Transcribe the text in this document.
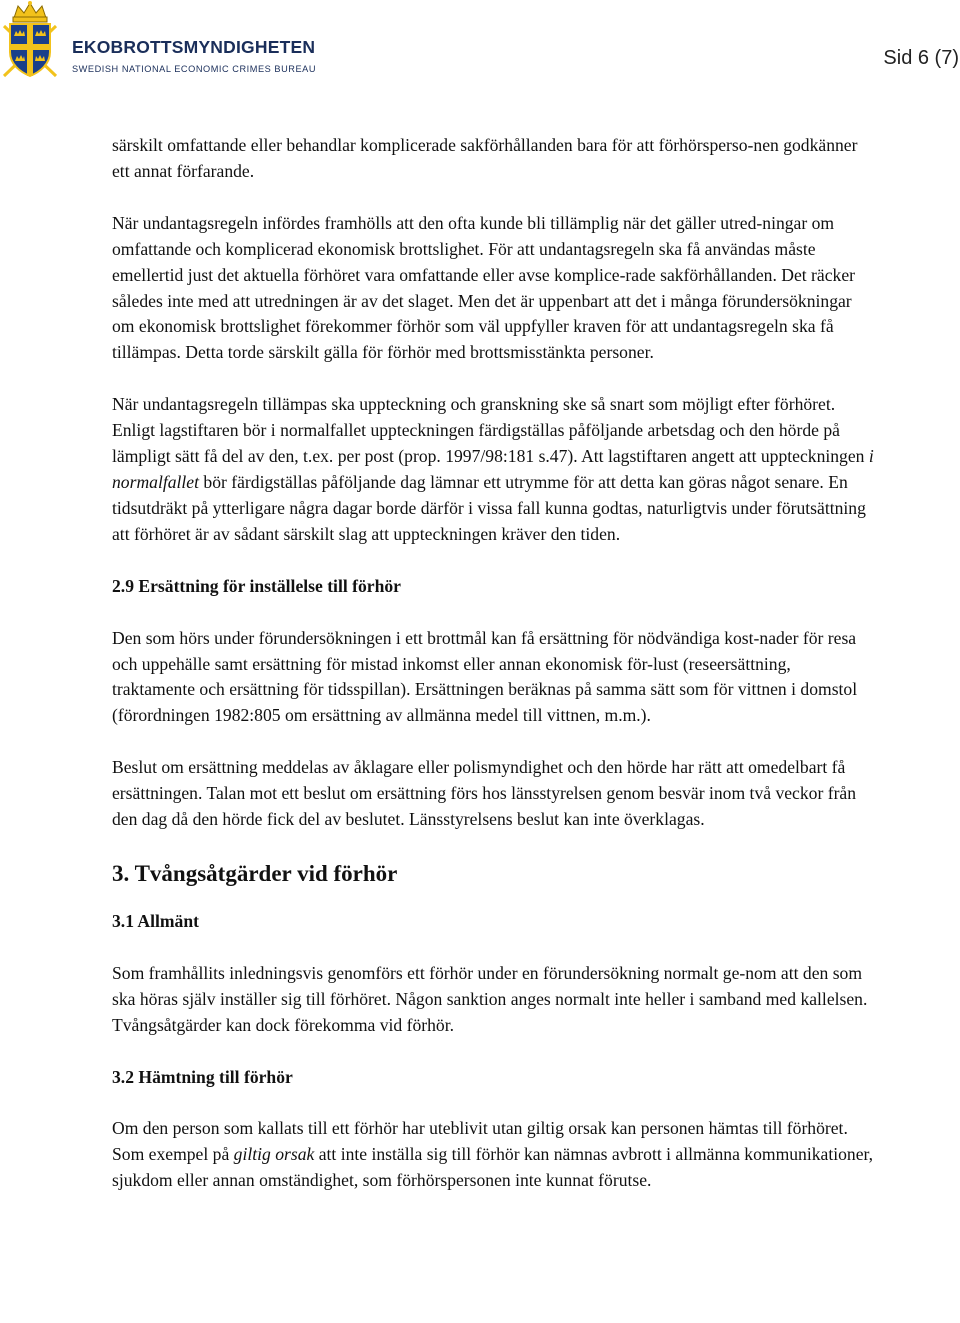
EKOBROTTSMYNDIGHETEN
SWEDISH NATIONAL ECONOMIC CRIMES BUREAU	Sid 6 (7)

särskilt omfattande eller behandlar komplicerade sakförhållanden bara för att förhörsperso-nen godkänner ett annat förfarande.

När undantagsregeln infördes framhölls att den ofta kunde bli tillämplig när det gäller utred-ningar om omfattande och komplicerad ekonomisk brottslighet. För att undantagsregeln ska få användas måste emellertid just det aktuella förhöret vara omfattande eller avse komplice-rade sakförhållanden. Det räcker således inte med att utredningen är av det slaget. Men det är uppenbart att det i många förundersökningar om ekonomisk brottslighet förekommer förhör som väl uppfyller kraven för att undantagsregeln ska få tillämpas. Detta torde särskilt gälla för förhör med brottsmisstänkta personer.

När undantagsregeln tillämpas ska uppteckning och granskning ske så snart som möjligt efter förhöret. Enligt lagstiftaren bör i normalfallet uppteckningen färdigställas påföljande arbetsdag och den hörde på lämpligt sätt få del av den, t.ex. per post (prop. 1997/98:181 s.47). Att lagstiftaren angett att uppteckningen i normalfallet bör färdigställas påföljande dag lämnar ett utrymme för att detta kan göras något senare. En tidsutdräkt på ytterligare några dagar borde därför i vissa fall kunna godtas, naturligtvis under förutsättning att förhöret är av sådant särskilt slag att uppteckningen kräver den tiden.

2.9 Ersättning för inställelse till förhör

Den som hörs under förundersökningen i ett brottmål kan få ersättning för nödvändiga kost-nader för resa och uppehälle samt ersättning för mistad inkomst eller annan ekonomisk för-lust (reseersättning, traktamente och ersättning för tidsspillan). Ersättningen beräknas på samma sätt som för vittnen i domstol (förordningen 1982:805 om ersättning av allmänna medel till vittnen, m.m.).

Beslut om ersättning meddelas av åklagare eller polismyndighet och den hörde har rätt att omedelbart få ersättningen. Talan mot ett beslut om ersättning förs hos länsstyrelsen genom besvär inom två veckor från den dag då den hörde fick del av beslutet. Länsstyrelsens beslut kan inte överklagas.

3. Tvångsåtgärder vid förhör
3.1 Allmänt

Som framhållits inledningsvis genomförs ett förhör under en förundersökning normalt ge-nom att den som ska höras själv inställer sig till förhöret. Någon sanktion anges normalt inte heller i samband med kallelsen. Tvångsåtgärder kan dock förekomma vid förhör.

3.2 Hämtning till förhör

Om den person som kallats till ett förhör har uteblivit utan giltig orsak kan personen hämtas till förhöret. Som exempel på giltig orsak att inte inställa sig till förhör kan nämnas avbrott i allmänna kommunikationer, sjukdom eller annan omständighet, som förhörspersonen inte kunnat förutse.
